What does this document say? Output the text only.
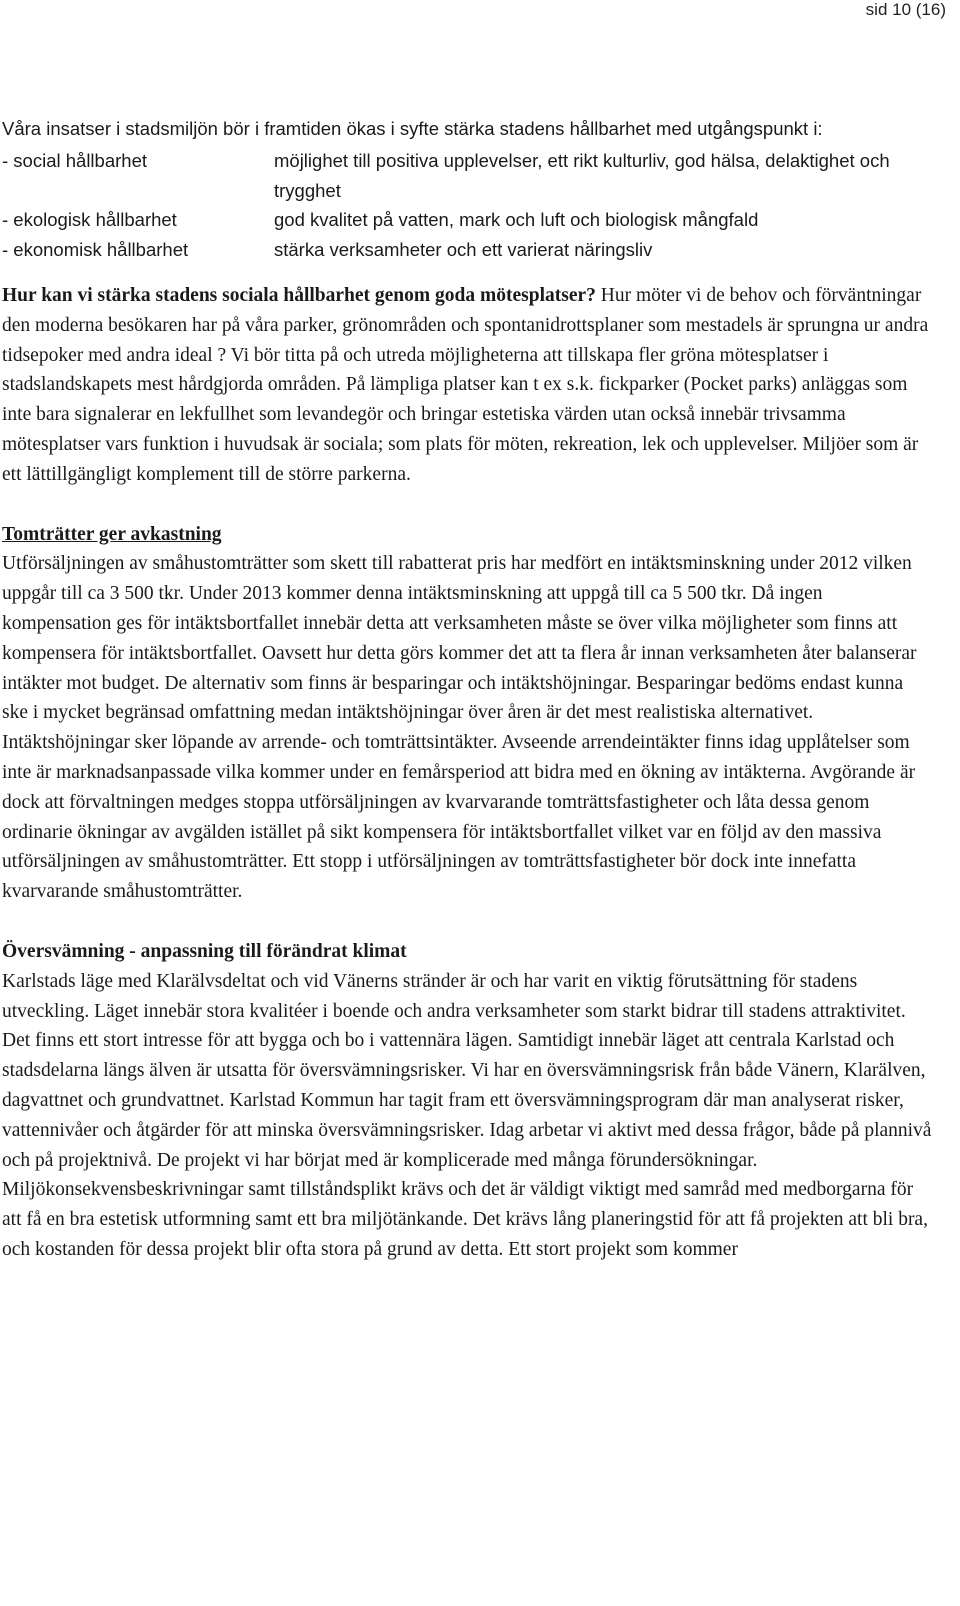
sid 10 (16)

Våra insatser i stadsmiljön bör i framtiden ökas i syfte stärka stadens hållbarhet med utgångspunkt i:

- social hållbarhet	möjlighet till positiva upplevelser, ett rikt kulturliv, god hälsa, delaktighet och trygghet
- ekologisk hållbarhet	god kvalitet på vatten, mark och luft och biologisk mångfald
- ekonomisk hållbarhet	stärka verksamheter och ett varierat näringsliv

Hur kan vi stärka stadens sociala hållbarhet genom goda mötesplatser? Hur möter vi de behov och förväntningar den moderna besökaren har på våra parker, grönområden och spontanidrottsplaner som mestadels är sprungna ur andra tidsepoker med andra ideal ? Vi bör titta på och utreda möjligheterna att tillskapa fler gröna mötesplatser i stadslandskapets mest hårdgjorda områden. På lämpliga platser kan t ex s.k. fickparker (Pocket parks) anläggas som inte bara signalerar en lekfullhet som levandegör och bringar estetiska värden utan också innebär trivsamma mötesplatser vars funktion i huvudsak är sociala; som plats för möten, rekreation, lek och upplevelser. Miljöer som är ett lättillgängligt komplement till de större parkerna.

Tomträtter ger avkastning

Utförsäljningen av småhustomträtter som skett till rabatterat pris har medfört en intäktsminskning under 2012 vilken uppgår till ca 3 500 tkr. Under 2013 kommer denna intäktsminskning att uppgå till ca 5 500 tkr. Då ingen kompensation ges för intäktsbortfallet innebär detta att verksamheten måste se över vilka möjligheter som finns att kompensera för intäktsbortfallet. Oavsett hur detta görs kommer det att ta flera år innan verksamheten åter balanserar intäkter mot budget. De alternativ som finns är besparingar och intäktshöjningar. Besparingar bedöms endast kunna ske i mycket begränsad omfattning medan intäktshöjningar över åren är det mest realistiska alternativet. Intäktshöjningar sker löpande av arrende- och tomträttsintäkter. Avseende arrendeintäkter finns idag upplåtelser som inte är marknadsanpassade vilka kommer under en femårsperiod att bidra med en ökning av intäkterna. Avgörande är dock att förvaltningen medges stoppa utförsäljningen av kvarvarande tomträttsfastigheter och låta dessa genom ordinarie ökningar av avgälden istället på sikt kompensera för intäktsbortfallet vilket var en följd av den massiva utförsäljningen av småhustomträtter. Ett stopp i utförsäljningen av tomträttsfastigheter bör dock inte innefatta kvarvarande småhustomträtter.

Översvämning - anpassning till förändrat klimat

Karlstads läge med Klarälvsdeltat och vid Vänerns stränder är och har varit en viktig förutsättning för stadens utveckling. Läget innebär stora kvalitéer i boende och andra verksamheter som starkt bidrar till stadens attraktivitet. Det finns ett stort intresse för att bygga och bo i vattennära lägen. Samtidigt innebär läget att centrala Karlstad och stadsdelarna längs älven är utsatta för översvämningsrisker. Vi har en översvämningsrisk från både Vänern, Klarälven, dagvattnet och grundvattnet. Karlstad Kommun har tagit fram ett översvämningsprogram där man analyserat risker, vattennivåer och åtgärder för att minska översvämningsrisker. Idag arbetar vi aktivt med dessa frågor, både på plannivå och på projektnivå. De projekt vi har börjat med är komplicerade med många förundersökningar. Miljökonsekvensbeskrivningar samt tillståndsplikt krävs och det är väldigt viktigt med samråd med medborgarna för att få en bra estetisk utformning samt ett bra miljötänkande. Det krävs lång planeringstid för att få projekten att bli bra, och kostanden för dessa projekt blir ofta stora på grund av detta. Ett stort projekt som kommer
